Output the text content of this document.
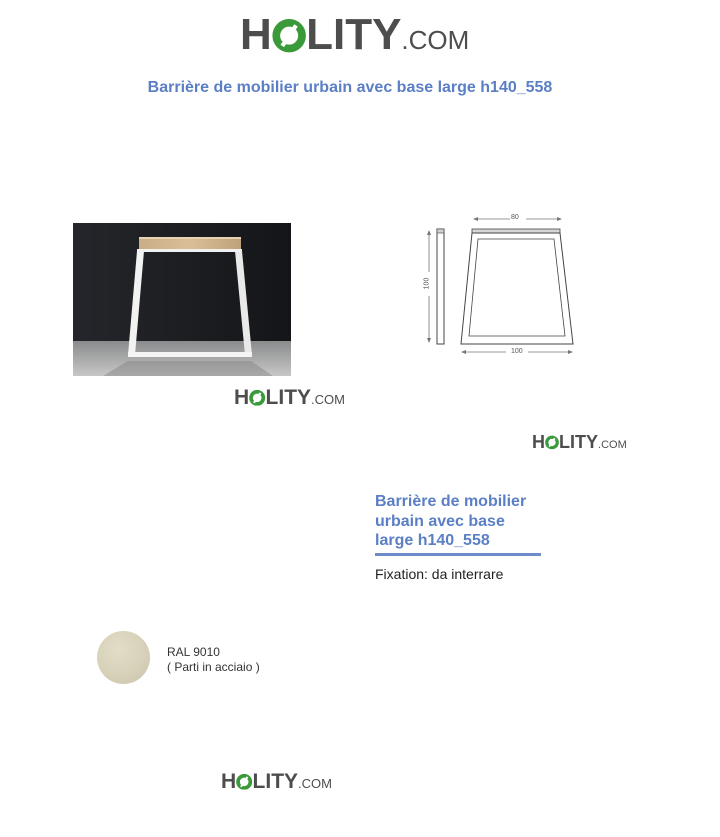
H LITY .COM
Barrière de mobilier urbain avec base large h140_558
80
100
100
H LITY .COM
H LITY .COM
Barrière de mobilier urbain avec base large h140_558
Fixation: da interrare
RAL 9010
( Parti in acciaio )
H LITY .COM
